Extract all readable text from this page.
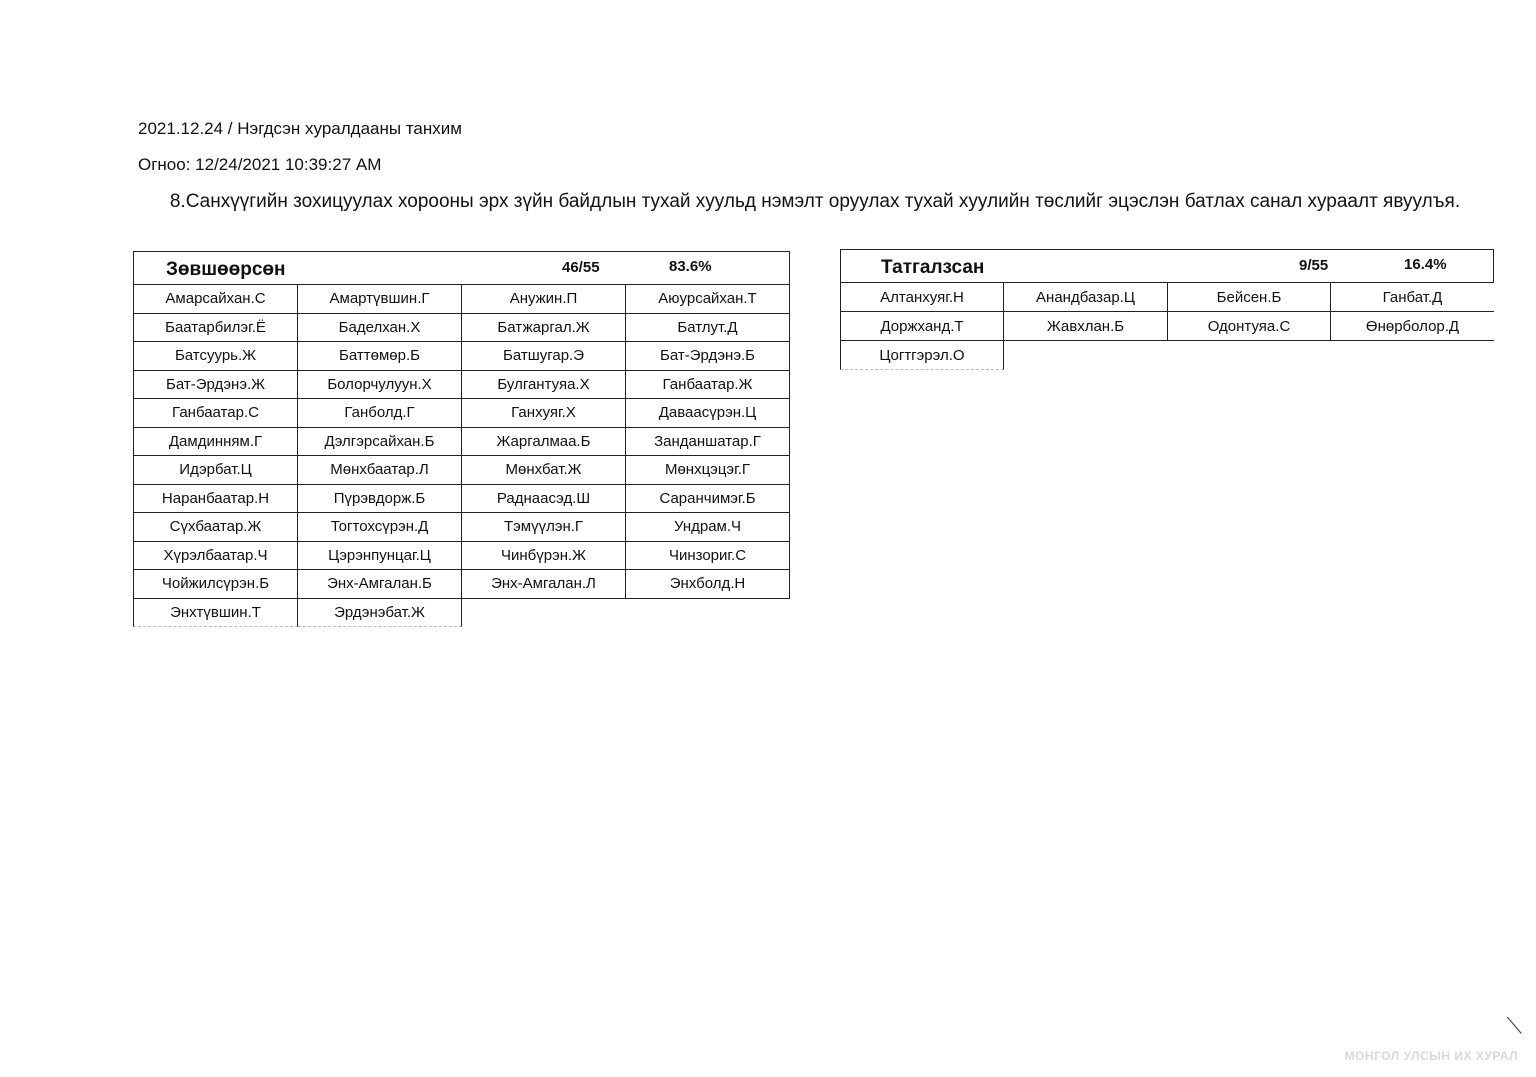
2021.12.24 / Нэгдсэн хуралдааны танхим
Огноо: 12/24/2021 10:39:27 AM
8.Санхүүгийн зохицуулах хорооны эрх зүйн байдлын тухай хуульд нэмэлт оруулах тухай хуулийн төслийг эцэслэн батлах санал хураалт явуулъя.
Зөвшөөрсөн	46/55	83.6%
Амарсайхан.С	Амартүвшин.Г	Анужин.П	Аюурсайхан.Т
Баатарбилэг.Ё	Баделхан.Х	Батжаргал.Ж	Батлут.Д
Батсуурь.Ж	Баттөмөр.Б	Батшугар.Э	Бат-Эрдэнэ.Б
Бат-Эрдэнэ.Ж	Болорчулуун.Х	Булгантуяа.Х	Ганбаатар.Ж
Ганбаатар.С	Ганболд.Г	Ганхуяг.Х	Даваасүрэн.Ц
Дамдинням.Г	Дэлгэрсайхан.Б	Жаргалмаа.Б	Занданшатар.Г
Идэрбат.Ц	Мөнхбаатар.Л	Мөнхбат.Ж	Мөнхцэцэг.Г
Наранбаатар.Н	Пүрэвдорж.Б	Раднаасэд.Ш	Саранчимэг.Б
Сүхбаатар.Ж	Тогтохсүрэн.Д	Тэмүүлэн.Г	Ундрам.Ч
Хүрэлбаатар.Ч	Цэрэнпунцаг.Ц	Чинбүрэн.Ж	Чинзориг.С
Чойжилсүрэн.Б	Энх-Амгалан.Б	Энх-Амгалан.Л	Энхболд.Н
Энхтүвшин.Т	Эрдэнэбат.Ж
Татгалзсан	9/55	16.4%
Алтанхуяг.Н	Анандбазар.Ц	Бейсен.Б	Ганбат.Д
Доржханд.Т	Жавхлан.Б	Одонтуяа.С	Өнөрболор.Д
Цогтгэрэл.О
⟍
МОНГОЛ УЛСЫН ИХ ХУРАЛ
